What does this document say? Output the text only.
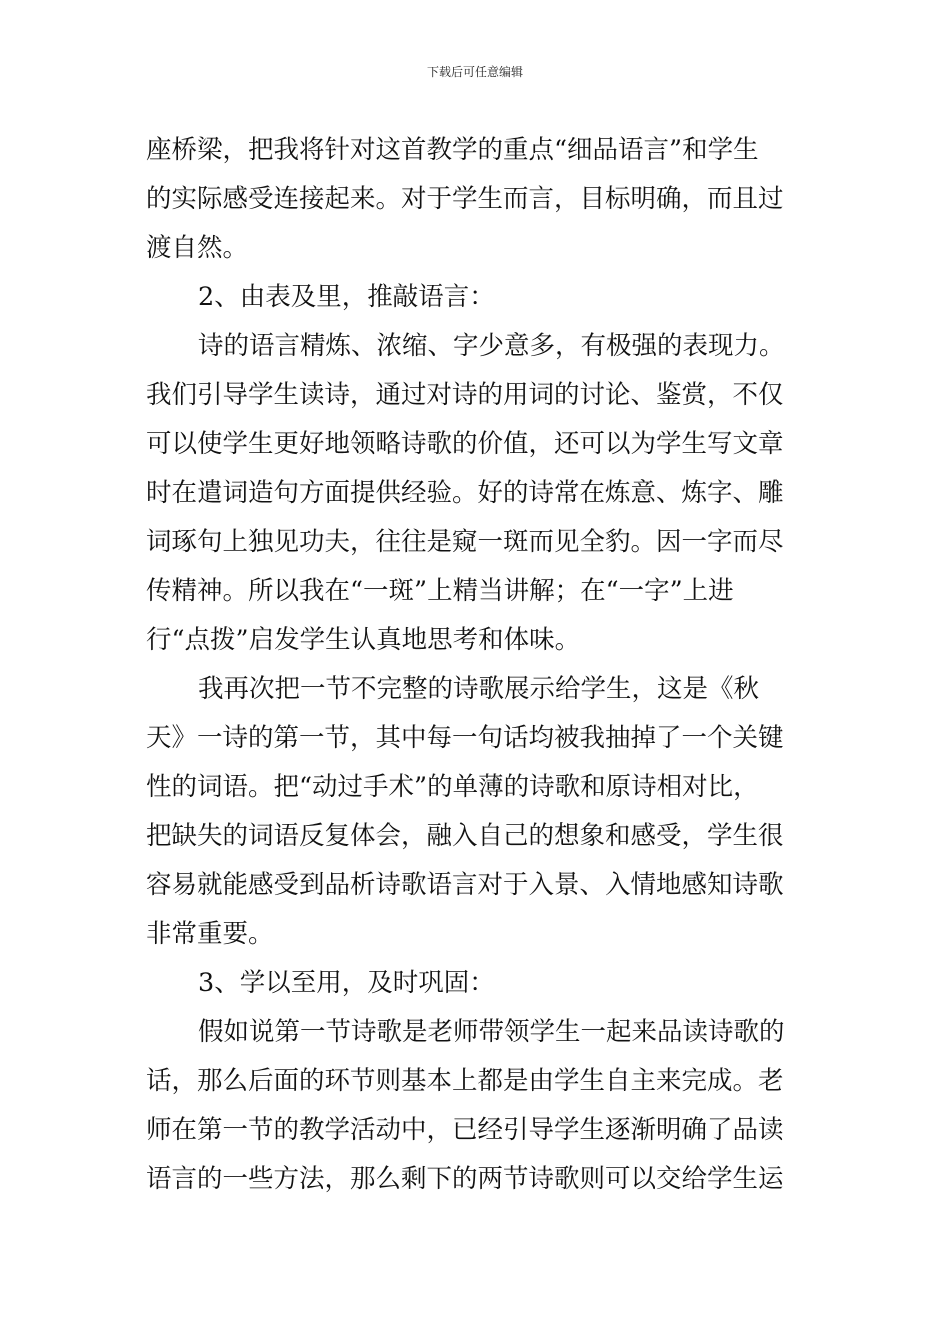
下载后可任意编辑
座桥梁，把我将针对这首教学的重点“细品语言”和学生
的实际感受连接起来。对于学生而言，目标明确，而且过
渡自然。
2、由表及里，推敲语言：
诗的语言精炼、浓缩、字少意多，有极强的表现力。
我们引导学生读诗，通过对诗的用词的讨论、鉴赏，不仅
可以使学生更好地领略诗歌的价值，还可以为学生写文章
时在遣词造句方面提供经验。好的诗常在炼意、炼字、雕
词琢句上独见功夫，往往是窥一斑而见全豹。因一字而尽
传精神。所以我在“一斑”上精当讲解；在“一字”上进
行“点拨”启发学生认真地思考和体味。
我再次把一节不完整的诗歌展示给学生，这是《秋
天》一诗的第一节，其中每一句话均被我抽掉了一个关键
性的词语。把“动过手术”的单薄的诗歌和原诗相对比，
把缺失的词语反复体会，融入自己的想象和感受，学生很
容易就能感受到品析诗歌语言对于入景、入情地感知诗歌
非常重要。
3、学以至用，及时巩固：
假如说第一节诗歌是老师带领学生一起来品读诗歌的
话，那么后面的环节则基本上都是由学生自主来完成。老
师在第一节的教学活动中，已经引导学生逐渐明确了品读
语言的一些方法，那么剩下的两节诗歌则可以交给学生运
